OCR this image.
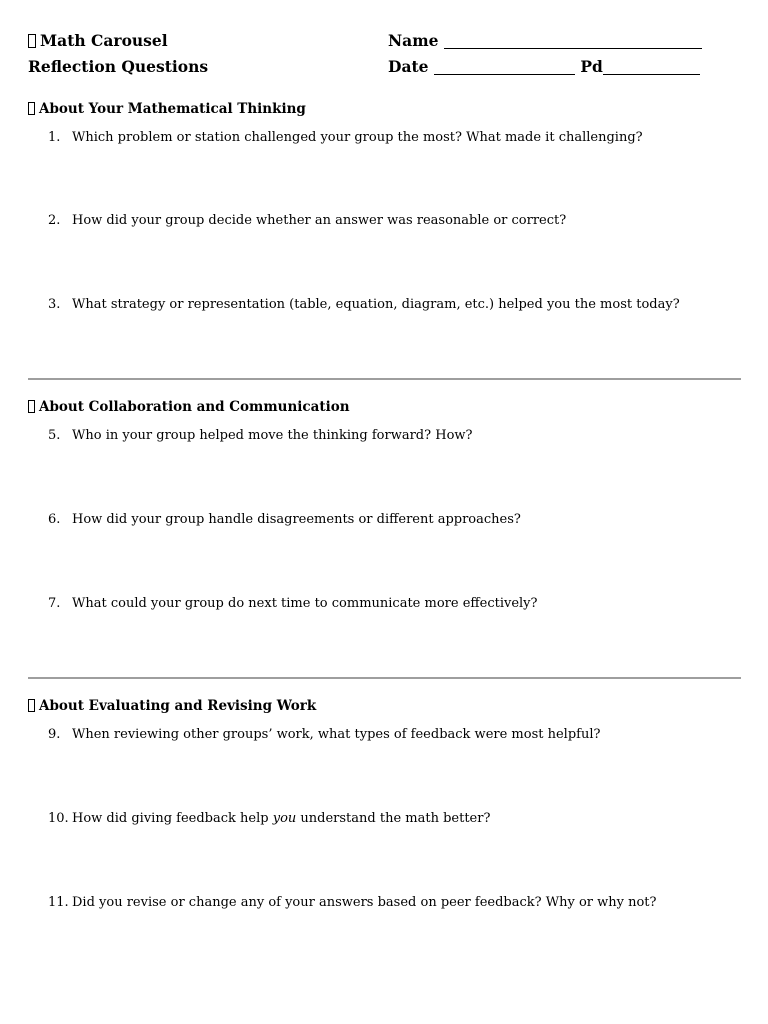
Math Carousel
Reflection Questions
Name
Date	Pd
About Your Mathematical Thinking
1. Which problem or station challenged your group the most? What made it challenging?
2. How did your group decide whether an answer was reasonable or correct?
3. What strategy or representation (table, equation, diagram, etc.) helped you the most today?
About Collaboration and Communication
5. Who in your group helped move the thinking forward? How?
6. How did your group handle disagreements or different approaches?
7. What could your group do next time to communicate more effectively?
About Evaluating and Revising Work
9. When reviewing other groups’ work, what types of feedback were most helpful?
10. How did giving feedback help you understand the math better?
11. Did you revise or change any of your answers based on peer feedback? Why or why not?
